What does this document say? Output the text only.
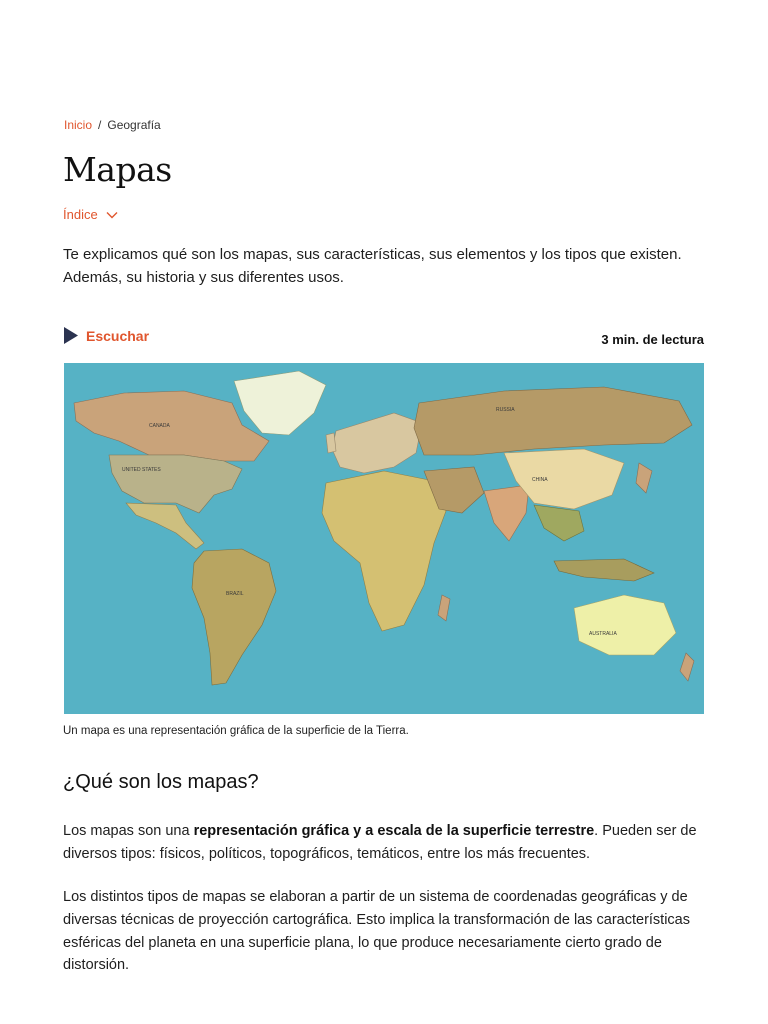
Inicio / Geografía
Mapas
Índice

Te explicamos qué son los mapas, sus características, sus elementos y los tipos que existen. Además, su historia y sus diferentes usos.

Escuchar	3 min. de lectura
CANADA
UNITED STATES
BRAZIL
RUSSIA
CHINA
AUSTRALIA
Un mapa es una representación gráfica de la superficie de la Tierra.
¿Qué son los mapas?

Los mapas son una representación gráfica y a escala de la superficie terrestre. Pueden ser de diversos tipos: físicos, políticos, topográficos, temáticos, entre los más frecuentes.

Los distintos tipos de mapas se elaboran a partir de un sistema de coordenadas geográficas y de diversas técnicas de proyección cartográfica. Esto implica la transformación de las características esféricas del planeta en una superficie plana, lo que produce necesariamente cierto grado de distorsión.
